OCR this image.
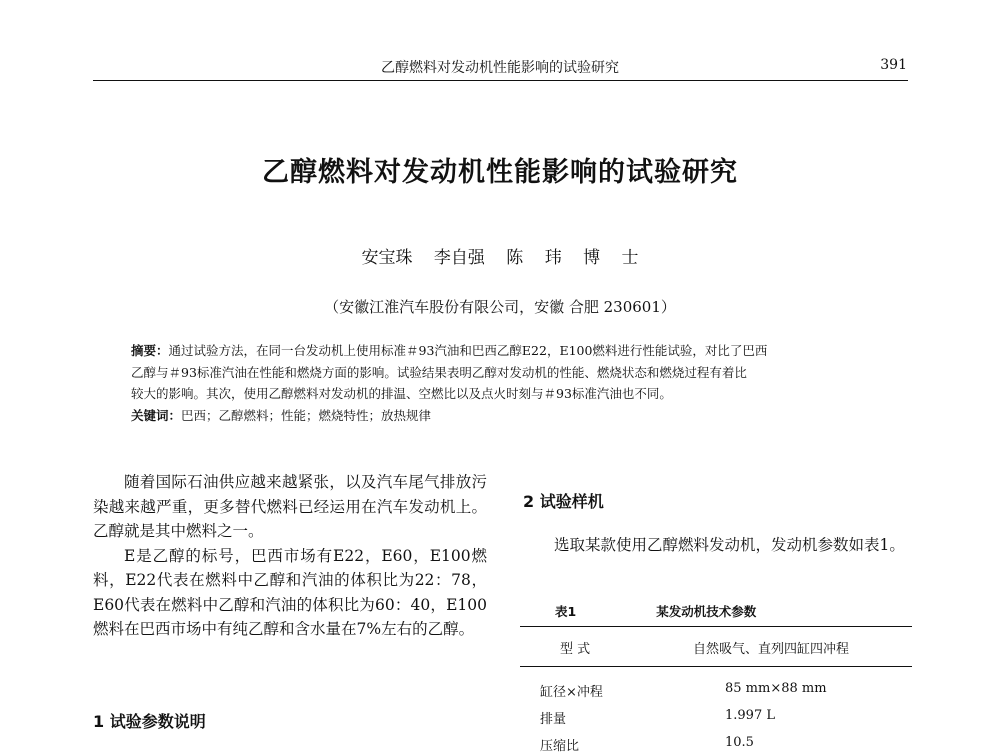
乙醇燃料对发动机性能影响的试验研究	391
乙醇燃料对发动机性能影响的试验研究
安宝珠 李自强 陈 玮 博 士
（安徽江淮汽车股份有限公司，安徽 合肥 230601）
摘要：通过试验方法，在同一台发动机上使用标准＃93汽油和巴西乙醇E22，E100燃料进行性能试验，对比了巴西
乙醇与＃93标准汽油在性能和燃烧方面的影响。试验结果表明乙醇对发动机的性能、燃烧状态和燃烧过程有着比
较大的影响。其次，使用乙醇燃料对发动机的排温、空燃比以及点火时刻与＃93标准汽油也不同。
关键词：巴西；乙醇燃料；性能；燃烧特性；放热规律

随着国际石油供应越来越紧张，以及汽车尾气排放污染越来越严重，更多替代燃料已经运用在汽车发动机上。乙醇就是其中燃料之一。

E是乙醇的标号，巴西市场有E22，E60，E100燃料，E22代表在燃料中乙醇和汽油的体积比为22：78，E60代表在燃料中乙醇和汽油的体积比为60：40，E100燃料在巴西市场中有纯乙醇和含水量在7%左右的乙醇。

1 试验参数说明
2 试验样机

选取某款使用乙醇燃料发动机，发动机参数如表1。

表1	某发动机技术参数
型 式	自然吸气、直列四缸四冲程
缸径×冲程	85 mm×88 mm
排量	1.997 L
压缩比	10.5
